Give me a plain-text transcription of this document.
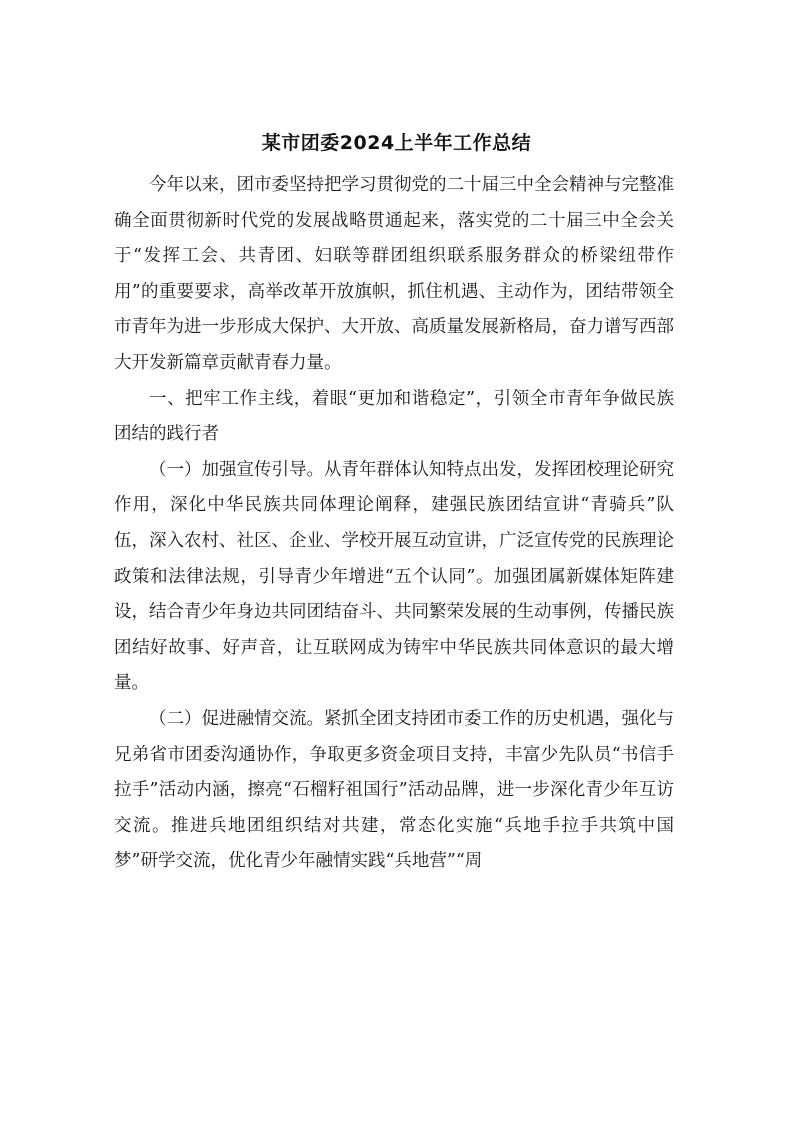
某市团委2024上半年工作总结

今年以来，团市委坚持把学习贯彻党的二十届三中全会精神与完整准确全面贯彻新时代党的发展战略贯通起来，落实党的二十届三中全会关于“发挥工会、共青团、妇联等群团组织联系服务群众的桥梁纽带作用”的重要要求，高举改革开放旗帜，抓住机遇、主动作为，团结带领全市青年为进一步形成大保护、大开放、高质量发展新格局，奋力谱写西部大开发新篇章贡献青春力量。

一、把牢工作主线，着眼“更加和谐稳定”，引领全市青年争做民族团结的践行者

（一）加强宣传引导。从青年群体认知特点出发，发挥团校理论研究作用，深化中华民族共同体理论阐释，建强民族团结宣讲“青骑兵”队伍，深入农村、社区、企业、学校开展互动宣讲，广泛宣传党的民族理论政策和法律法规，引导青少年增进“五个认同”。加强团属新媒体矩阵建设，结合青少年身边共同团结奋斗、共同繁荣发展的生动事例，传播民族团结好故事、好声音，让互联网成为铸牢中华民族共同体意识的最大增量。

（二）促进融情交流。紧抓全团支持团市委工作的历史机遇，强化与兄弟省市团委沟通协作，争取更多资金项目支持，丰富少先队员“书信手拉手”活动内涵，擦亮“石榴籽祖国行”活动品牌，进一步深化青少年互访交流。推进兵地团组织结对共建，常态化实施“兵地手拉手共筑中国梦”研学交流，优化青少年融情实践“兵地营”“周
